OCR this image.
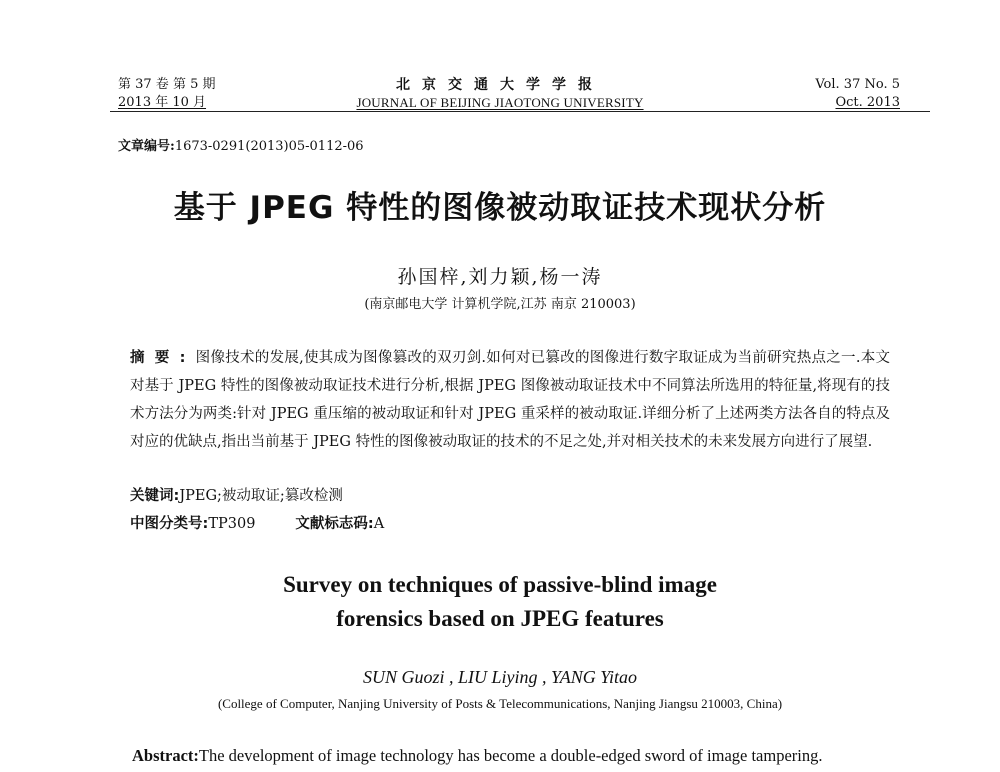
第 37 卷 第 5 期
2013 年 10 月
北京交通大学学报
JOURNAL OF BEIJING JIAOTONG UNIVERSITY
Vol. 37 No. 5
Oct. 2013
文章编号:1673-0291(2013)05-0112-06
基于 JPEG 特性的图像被动取证技术现状分析
孙国梓,刘力颖,杨一涛
(南京邮电大学 计算机学院,江苏 南京 210003)
摘要:图像技术的发展,使其成为图像篡改的双刃剑.如何对已篡改的图像进行数字取证成为当前研究热点之一.本文对基于 JPEG 特性的图像被动取证技术进行分析,根据 JPEG 图像被动取证技术中不同算法所选用的特征量,将现有的技术方法分为两类:针对 JPEG 重压缩的被动取证和针对 JPEG 重采样的被动取证.详细分析了上述两类方法各自的特点及对应的优缺点,指出当前基于 JPEG 特性的图像被动取证的技术的不足之处,并对相关技术的未来发展方向进行了展望.
关键词:JPEG;被动取证;篡改检测
中图分类号:TP309	文献标志码:A
Survey on techniques of passive-blind image
forensics based on JPEG features
SUN Guozi , LIU Liying , YANG Yitao
(College of Computer, Nanjing University of Posts & Telecommunications, Nanjing Jiangsu 210003, China)
Abstract:The development of image technology has become a double-edged sword of image tampering.
